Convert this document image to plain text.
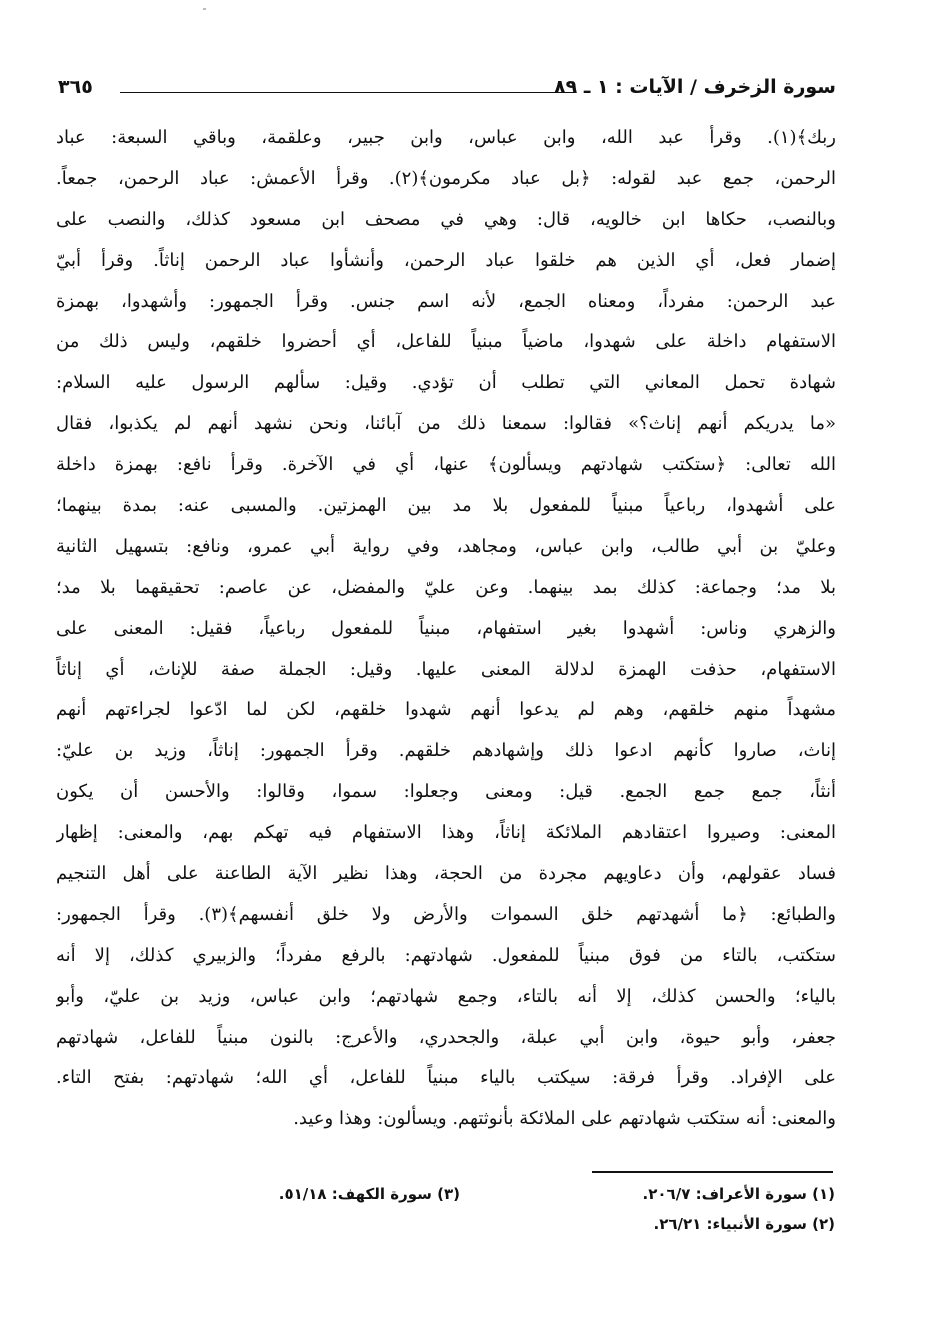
سورة الزخرف / الآيات : ١ ـ ٨٩
٣٦٥
ربك﴾(١). وقرأ عبد الله، وابن عباس، وابن جبير، وعلقمة، وباقي السبعة: عباد
الرحمن، جمع عبد لقوله: ﴿بل عباد مكرمون﴾(٢). وقرأ الأعمش: عباد الرحمن، جمعاً.
وبالنصب، حكاها ابن خالويه، قال: وهي في مصحف ابن مسعود كذلك، والنصب على
إضمار فعل، أي الذين هم خلقوا عباد الرحمن، وأنشأوا عباد الرحمن إناثاً. وقرأ أبيّ
عبد الرحمن: مفرداً، ومعناه الجمع، لأنه اسم جنس. وقرأ الجمهور: وأشهدوا، بهمزة
الاستفهام داخلة على شهدوا، ماضياً مبنياً للفاعل، أي أحضروا خلقهم، وليس ذلك من
شهادة تحمل المعاني التي تطلب أن تؤدي. وقيل: سألهم الرسول عليه السلام:
«ما يدريكم أنهم إناث؟» فقالوا: سمعنا ذلك من آبائنا، ونحن نشهد أنهم لم يكذبوا، فقال
الله تعالى: ﴿ستكتب شهادتهم ويسألون﴾ عنها، أي في الآخرة. وقرأ نافع: بهمزة داخلة
على أشهدوا، رباعياً مبنياً للمفعول بلا مد بين الهمزتين. والمسبى عنه: بمدة بينهما؛
وعليّ بن أبي طالب، وابن عباس، ومجاهد، وفي رواية أبي عمرو، ونافع: بتسهيل الثانية
بلا مد؛ وجماعة: كذلك بمد بينهما. وعن عليّ والمفضل، عن عاصم: تحقيقهما بلا مد؛
والزهري وناس: أشهدوا بغير استفهام، مبنياً للمفعول رباعياً، فقيل: المعنى على
الاستفهام، حذفت الهمزة لدلالة المعنى عليها. وقيل: الجملة صفة للإناث، أي إناثاً
مشهداً منهم خلقهم، وهم لم يدعوا أنهم شهدوا خلقهم، لكن لما ادّعوا لجراءتهم أنهم
إناث، صاروا كأنهم ادعوا ذلك وإشهادهم خلقهم. وقرأ الجمهور: إناثاً، وزيد بن عليّ:
أنثاً، جمع جمع الجمع. قيل: ومعنى وجعلوا: سموا، وقالوا: والأحسن أن يكون
المعنى: وصيروا اعتقادهم الملائكة إناثاً، وهذا الاستفهام فيه تهكم بهم، والمعنى: إظهار
فساد عقولهم، وأن دعاويهم مجردة من الحجة، وهذا نظير الآية الطاعنة على أهل التنجيم
والطبائع: ﴿ما أشهدتهم خلق السموات والأرض ولا خلق أنفسهم﴾(٣). وقرأ الجمهور:
ستكتب، بالتاء من فوق مبنياً للمفعول. شهادتهم: بالرفع مفرداً؛ والزبيري كذلك، إلا أنه
بالياء؛ والحسن كذلك، إلا أنه بالتاء، وجمع شهادتهم؛ وابن عباس، وزيد بن عليّ، وأبو
جعفر، وأبو حيوة، وابن أبي عبلة، والجحدري، والأعرج: بالنون مبنياً للفاعل، شهادتهم
على الإفراد. وقرأ فرقة: سيكتب بالياء مبنياً للفاعل، أي الله؛ شهادتهم: بفتح التاء.
والمعنى: أنه ستكتب شهادتهم على الملائكة بأنوثتهم. ويسألون: وهذا وعيد.
(١) سورة الأعراف: ٢٠٦/٧.
(٢) سورة الأنبياء: ٢٦/٢١.
(٣) سورة الكهف: ٥١/١٨.
